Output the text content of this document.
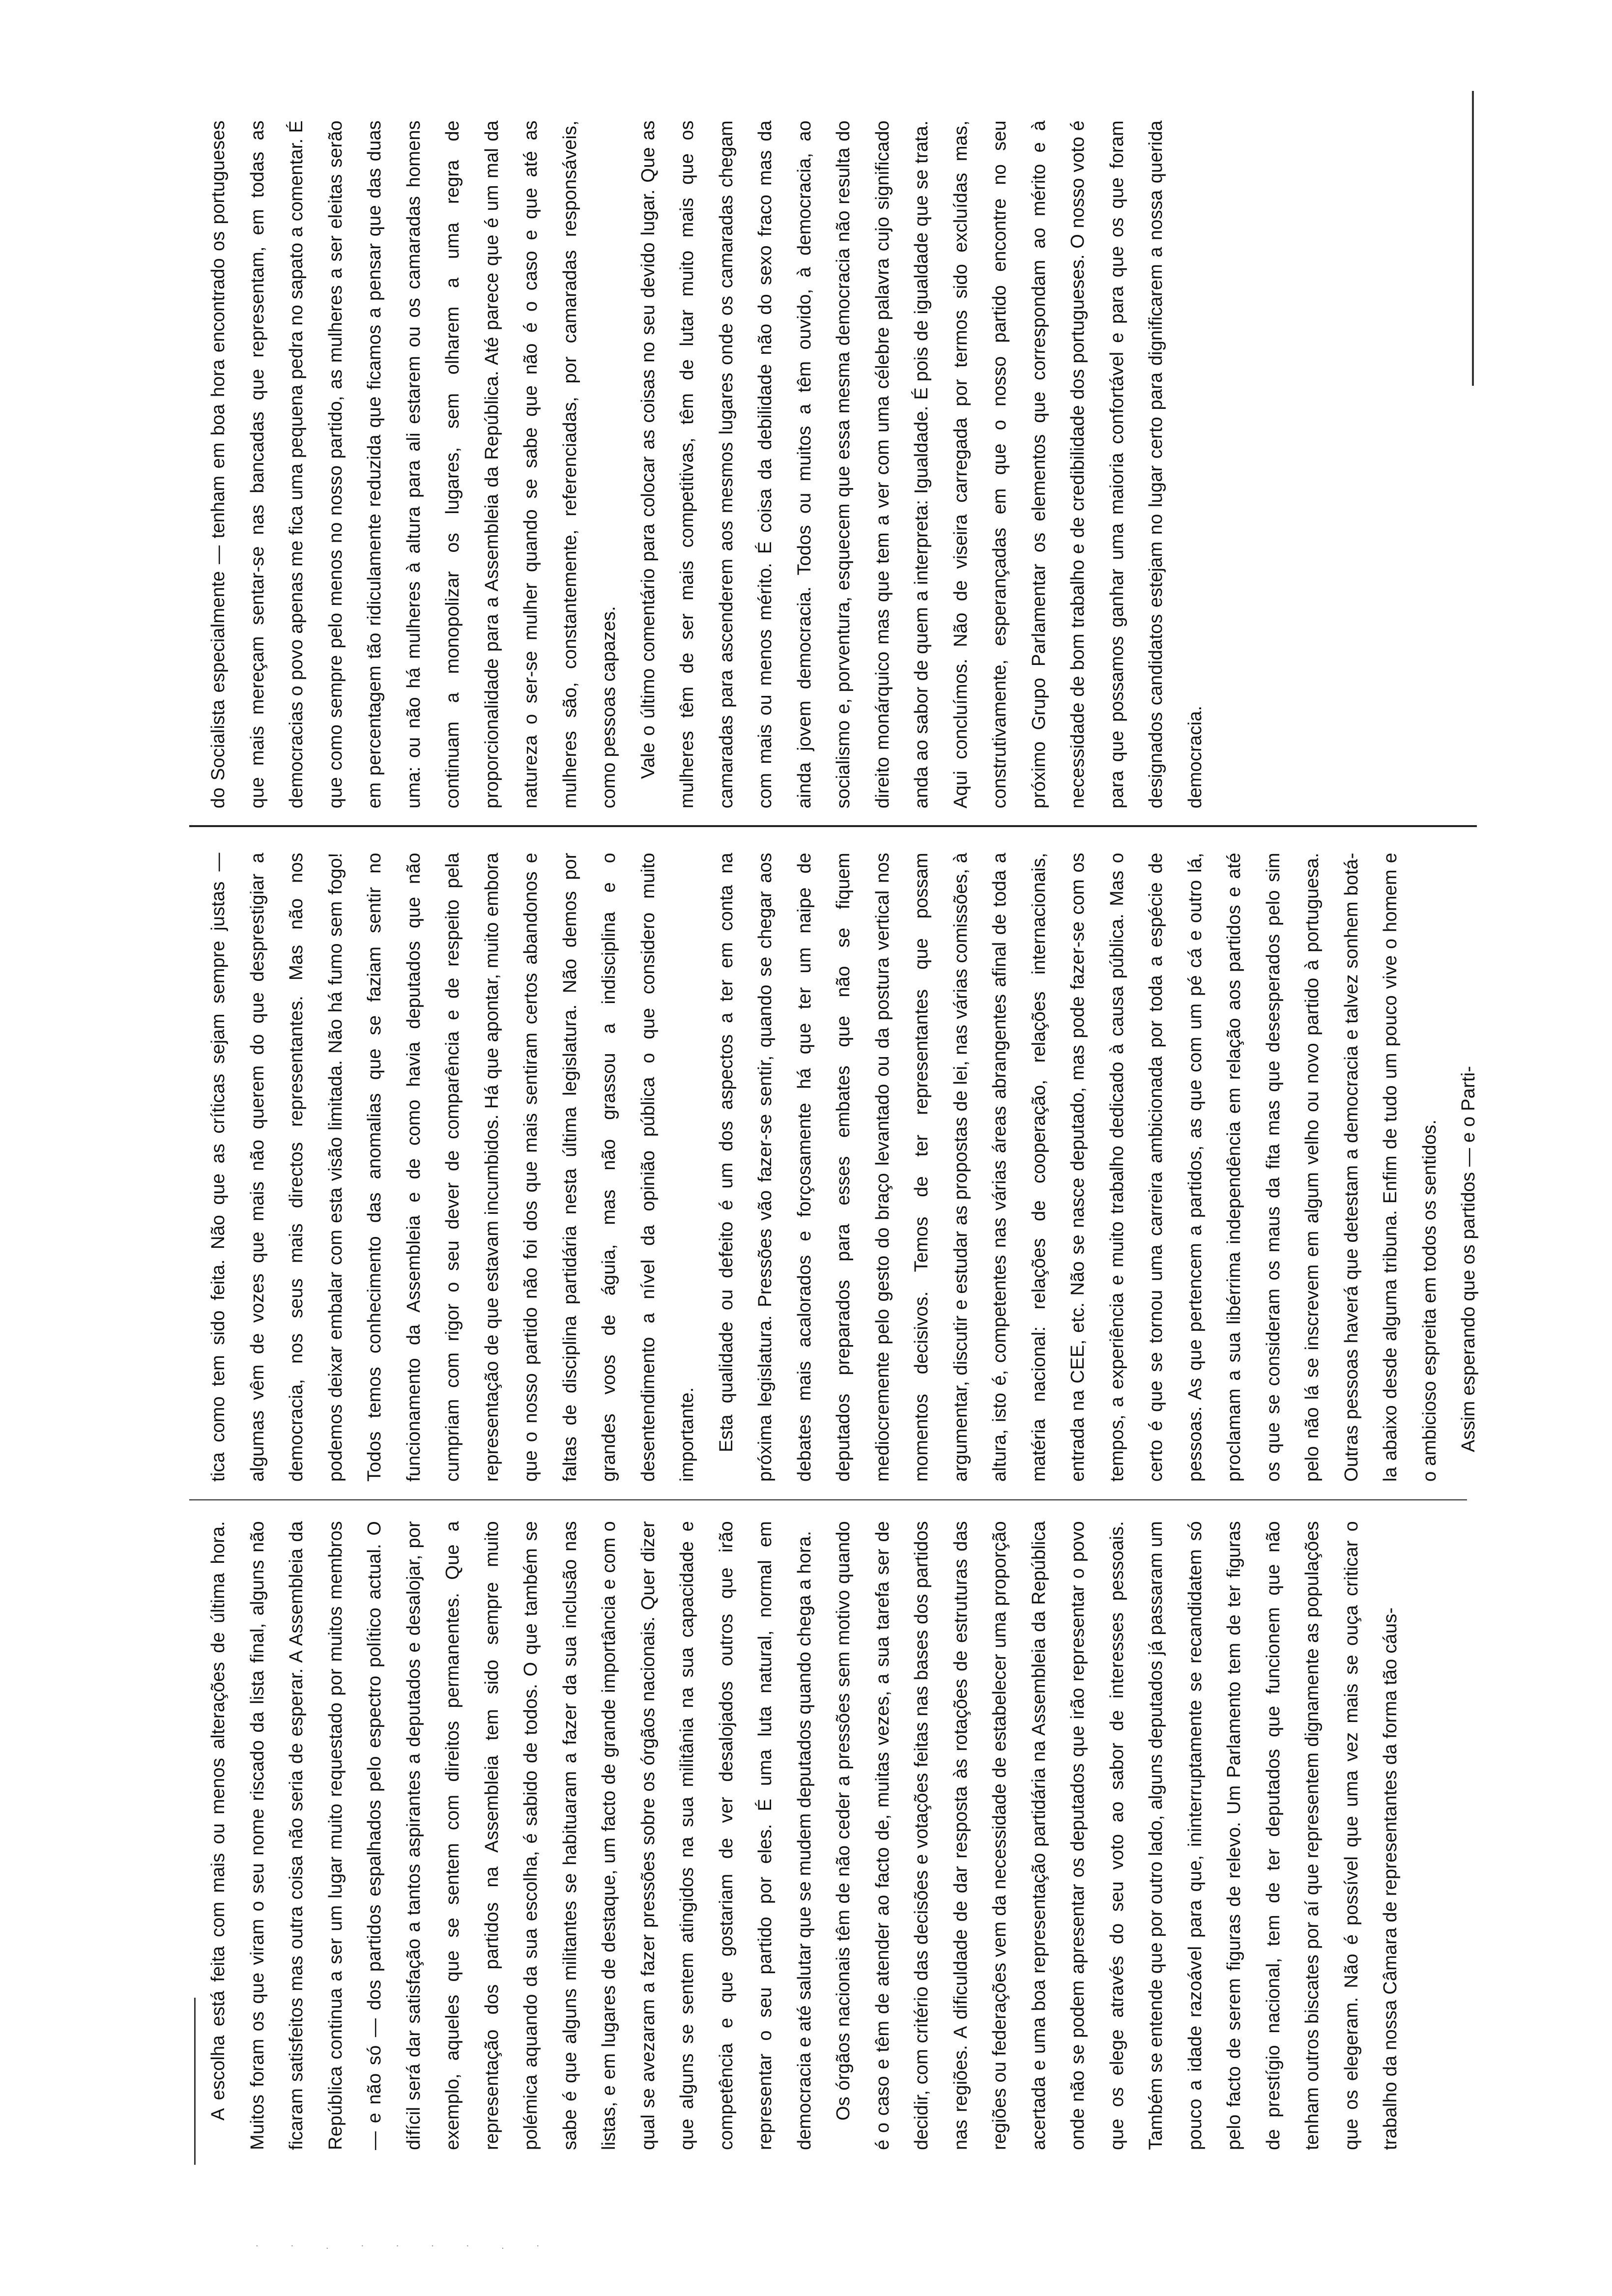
A escolha está feita com mais ou menos alterações de última hora. Muitos foram os que viram o seu nome riscado da lista final, alguns não ficaram satisfeitos mas outra coisa não seria de esperar. A Assembleia da República continua a ser um lugar muito requestado por muitos membros — e não só — dos partidos espalhados pelo espectro político actual. O difícil será dar satisfação a tantos aspirantes a deputados e desalojar, por exemplo, aqueles que se sentem com direitos permanentes. Que a representação dos partidos na Assembleia tem sido sempre muito polémica aquando da sua escolha, é sabido de todos. O que também se sabe é que alguns militantes se habituaram a fazer da sua inclusão nas listas, e em lugares de destaque, um facto de grande importância e com o qual se avezaram a fazer pressões sobre os órgãos nacionais. Quer dizer que alguns se sentem atingidos na sua militânia na sua capacidade e competência e que gostariam de ver desalojados outros que irão representar o seu partido por eles. É uma luta natural, normal em democracia e até salutar que se mudem deputados quando chega a hora. Os órgãos nacionais têm de não ceder a pressões sem motivo quando é o caso e têm de atender ao facto de, muitas vezes, a sua tarefa ser de decidir, com critério das decisões e votações feitas nas bases dos partidos nas regiões. A dificuldade de dar resposta às rotações de estruturas das regiões ou federações vem da necessidade de estabelecer uma proporção acertada e uma boa representação partidária na Assembleia da República onde não se podem apresentar os deputados que irão representar o povo que os elege através do seu voto ao sabor de interesses pessoais. Também se entende que por outro lado, alguns deputados já passaram um pouco a idade razoável para que, ininterruptamente se recandidatem só pelo facto de serem figuras de relevo. Um Parlamento tem de ter figuras de prestígio nacional, tem de ter deputados que funcionem que não tenham outros biscates por aí que representem dignamente as populações que os elegeram. Não é possível que uma vez mais se ouça criticar o trabalho da nossa Câmara de representantes da forma tão cáus-

tica como tem sido feita. Não que as críticas sejam sempre justas — algumas vêm de vozes que mais não querem do que desprestigiar a democracia, nos seus mais directos representantes. Mas não nos podemos deixar embalar com esta visão limitada. Não há fumo sem fogo! Todos temos conhecimento das anomalias que se faziam sentir no funcionamento da Assembleia e de como havia deputados que não cumpriam com rigor o seu dever de comparência e de respeito pela representação de que estavam incumbidos. Há que apontar, muito embora que o nosso partido não foi dos que mais sentiram certos abandonos e faltas de disciplina partidária nesta última legislatura. Não demos por grandes voos de águia, mas não grassou a indisciplina e o desentendimento a nível da opinião pública o que considero muito importante. Esta qualidade ou defeito é um dos aspectos a ter em conta na próxima legislatura. Pressões vão fazer-se sentir, quando se chegar aos debates mais acalorados e forçosamente há que ter um naipe de deputados preparados para esses embates que não se fiquem mediocremente pelo gesto do braço levantado ou da postura vertical nos momentos decisivos. Temos de ter representantes que possam argumentar, discutir e estudar as propostas de lei, nas várias comissões, à altura, isto é, competentes nas várias áreas abrangentes afinal de toda a matéria nacional: relações de cooperação, relações internacionais, entrada na CEE, etc. Não se nasce deputado, mas pode fazer-se com os tempos, a experiência e muito trabalho dedicado à causa pública. Mas o certo é que se tornou uma carreira ambicionada por toda a espécie de pessoas. As que pertencem a partidos, as que com um pé cá e outro lá, proclamam a sua libérrima independência em relação aos partidos e até os que se consideram os maus da fita mas que desesperados pelo sim pelo não lá se inscrevem em algum velho ou novo partido à portuguesa. Outras pessoas haverá que detestam a democracia e talvez sonhem botá-la abaixo desde alguma tribuna. Enfim de tudo um pouco vive o homem e o ambicioso espreita em todos os sentidos. Assim esperando que os partidos — e o Parti-

do Socialista especialmente — tenham em boa hora encontrado os portugueses que mais mereçam sentar-se nas bancadas que representam, em todas as democracias o povo apenas me fica uma pequena pedra no sapato a comentar. É que como sempre pelo menos no nosso partido, as mulheres a ser eleitas serão em percentagem tão ridiculamente reduzida que ficamos a pensar que das duas uma: ou não há mulheres à altura para ali estarem ou os camaradas homens continuam a monopolizar os lugares, sem olharem a uma regra de proporcionalidade para a Assembleia da República. Até parece que é um mal da natureza o ser-se mulher quando se sabe que não é o caso e que até as mulheres são, constantemente, referenciadas, por camaradas responsáveis, como pessoas capazes. Vale o último comentário para colocar as coisas no seu devido lugar. Que as mulheres têm de ser mais competitivas, têm de lutar muito mais que os camaradas para ascenderem aos mesmos lugares onde os camaradas chegam com mais ou menos mérito. É coisa da debilidade não do sexo fraco mas da ainda jovem democracia. Todos ou muitos a têm ouvido, à democracia, ao socialismo e, porventura, esquecem que essa mesma democracia não resulta do direito monárquico mas que tem a ver com uma célebre palavra cujo significado anda ao sabor de quem a interpreta: Igualdade. É pois de igualdade que se trata. Aqui concluímos. Não de viseira carregada por termos sido excluídas mas, construtivamente, esperançadas em que o nosso partido encontre no seu próximo Grupo Parlamentar os elementos que correspondam ao mérito e à necessidade de bom trabalho e de credibilidade dos portugueses. O nosso voto é para que possamos ganhar uma maioria confortável e para que os que foram designados candidatos estejam no lugar certo para dignificarem a nossa querida democracia.

· · . · · · · . ·
